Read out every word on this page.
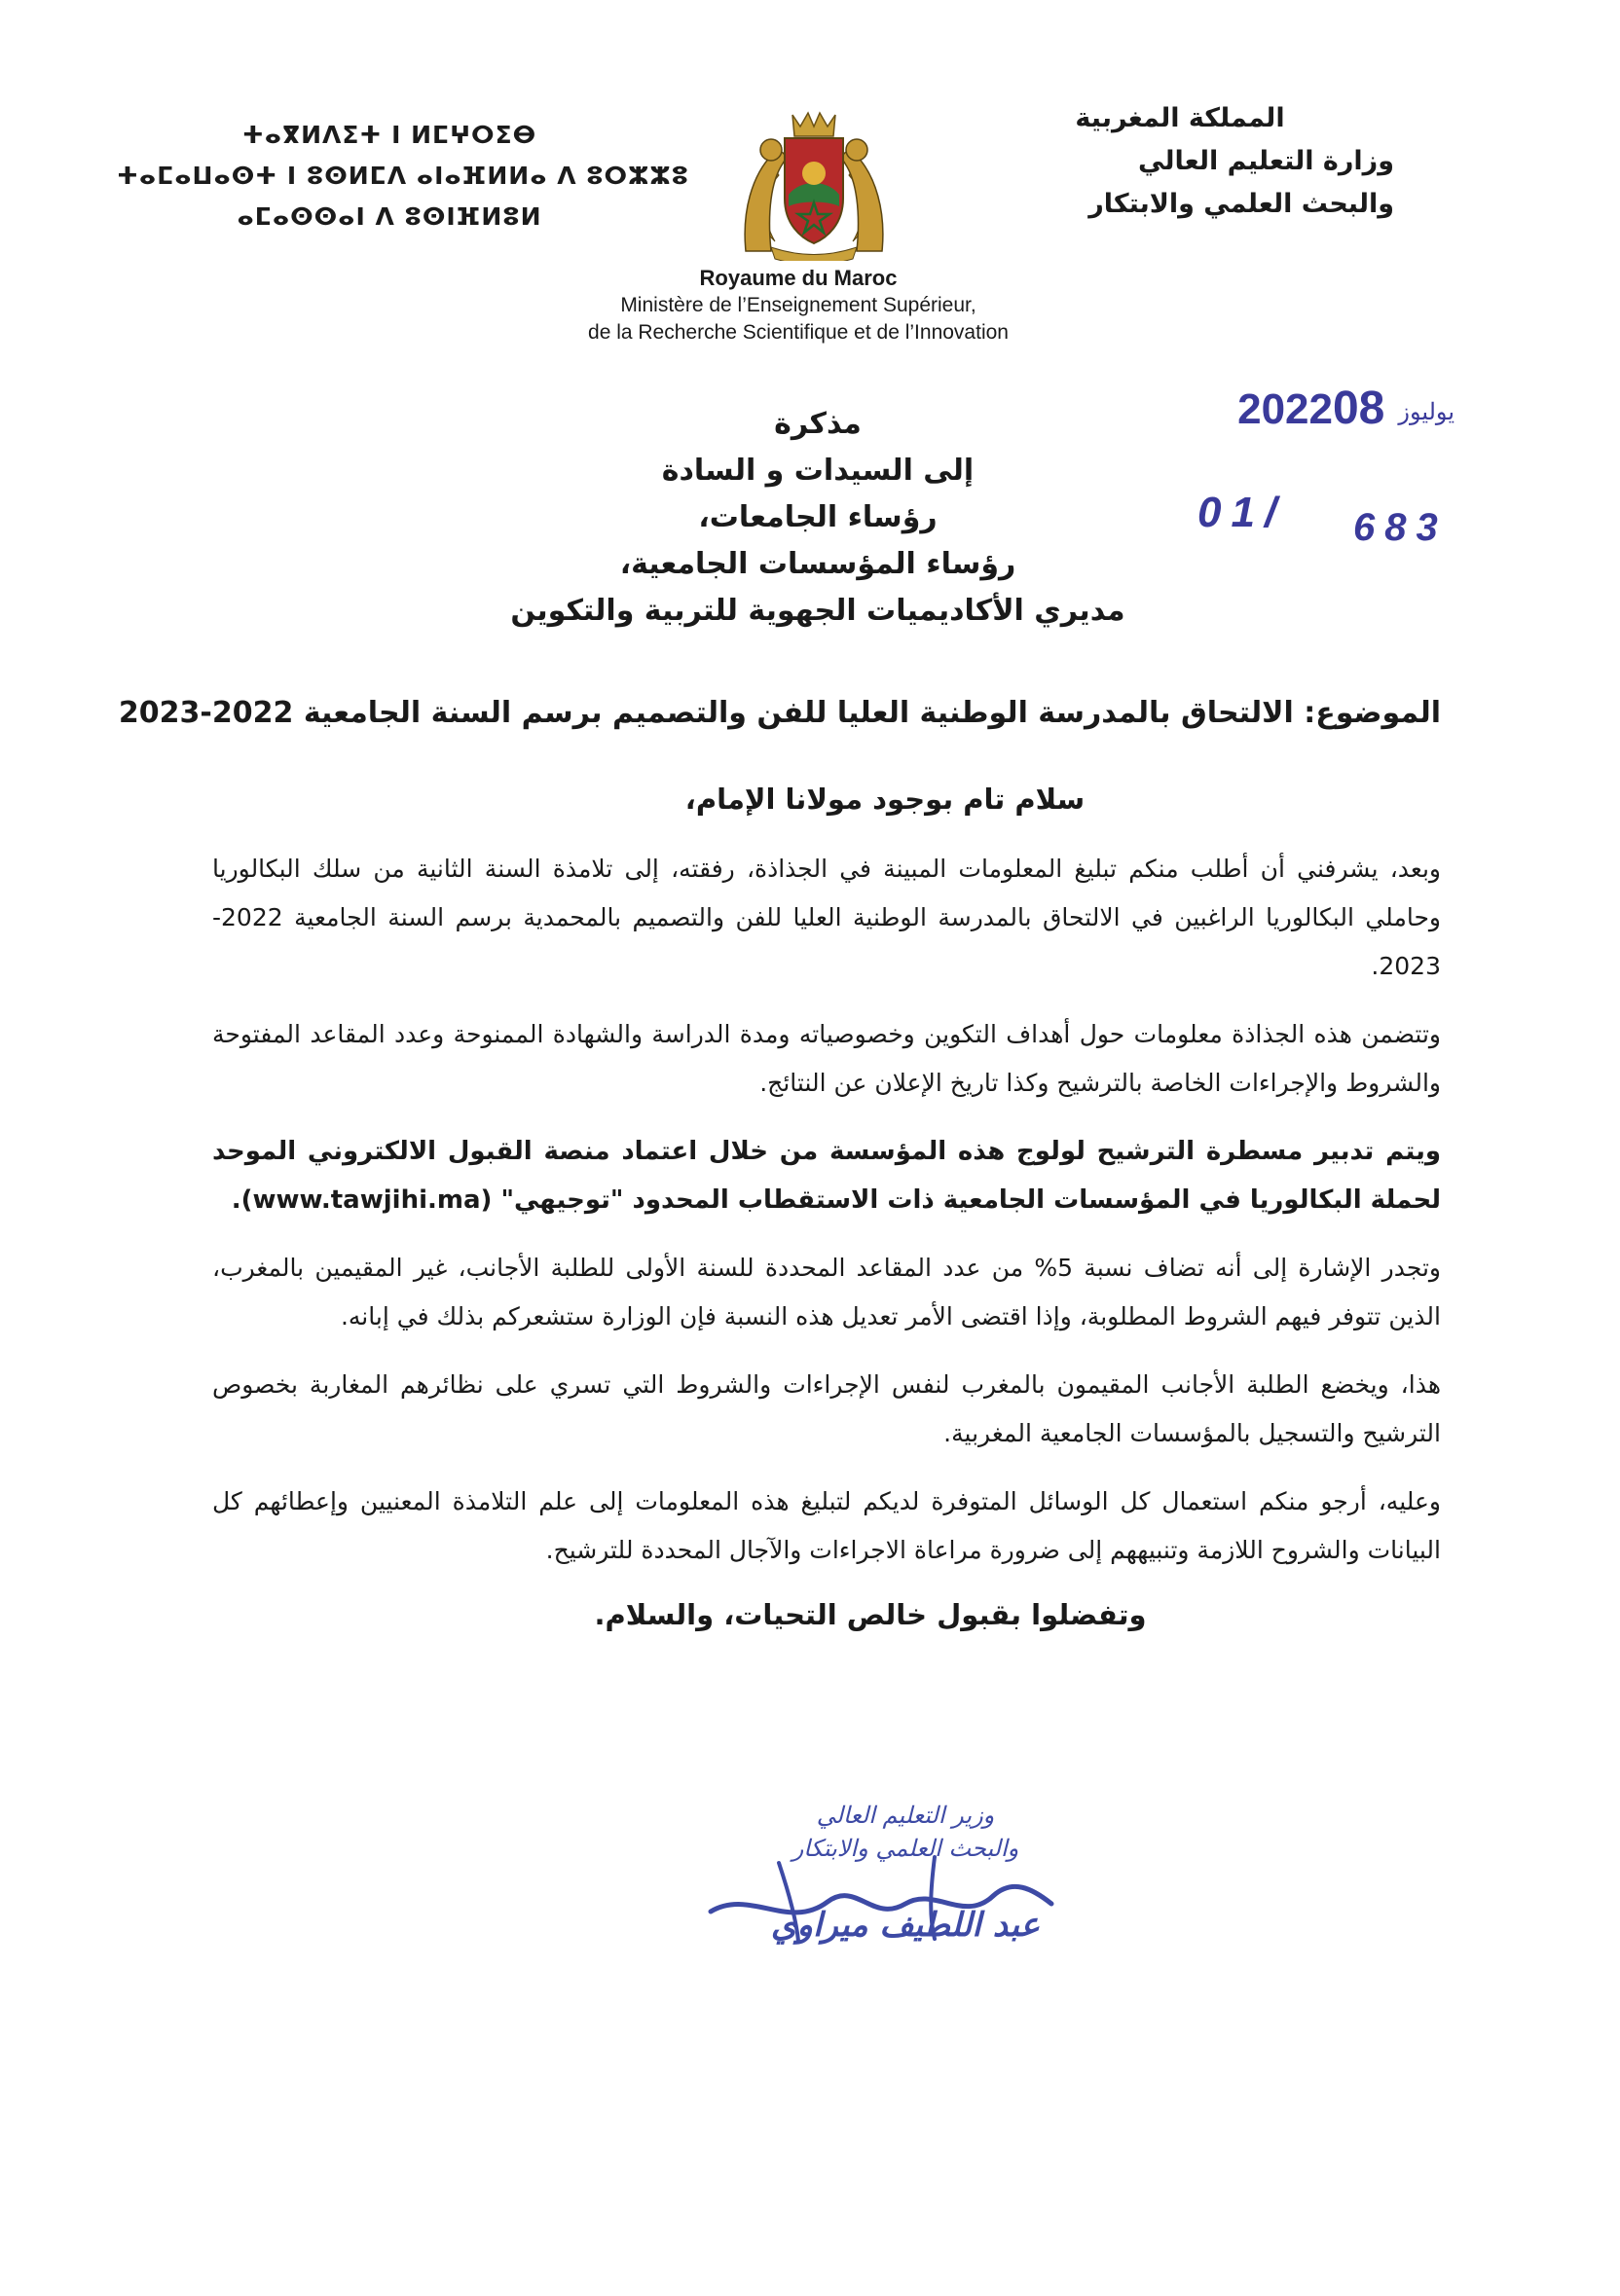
ⵜⴰⴳⵍⴷⵉⵜ ⵏ ⵍⵎⵖⵔⵉⴱ
ⵜⴰⵎⴰⵡⴰⵙⵜ ⵏ ⵓⵙⵍⵎⴷ ⴰⵏⴰⴼⵍⵍⴰ ⴷ ⵓⵔⵣⵣⵓ
ⴰⵎⴰⵙⵙⴰⵏ ⴷ ⵓⵙⵏⴼⵍⵓⵍ
المملكة المغربية
وزارة التعليم العالي
والبحث العلمي والابتكار
Royaume du Maroc
Ministère de l’Enseignement Supérieur,
de la Recherche Scientifique et de l’Innovation
2022	يوليوز08
01/ 683
مذكرة
إلى السيدات و السادة
رؤساء الجامعات،
رؤساء المؤسسات الجامعية،
مديري الأكاديميات الجهوية للتربية والتكوين
الموضوع: الالتحاق بالمدرسة الوطنية العليا للفن والتصميم برسم السنة الجامعية 2022-2023
سلام تام بوجود مولانا الإمام،

وبعد، يشرفني أن أطلب منكم تبليغ المعلومات المبينة في الجذاذة، رفقته، إلى تلامذة السنة الثانية من سلك البكالوريا وحاملي البكالوريا الراغبين في الالتحاق بالمدرسة الوطنية العليا للفن والتصميم بالمحمدية برسم السنة الجامعية 2022-2023.

وتتضمن هذه الجذاذة معلومات حول أهداف التكوين وخصوصياته ومدة الدراسة والشهادة الممنوحة وعدد المقاعد المفتوحة والشروط والإجراءات الخاصة بالترشيح وكذا تاريخ الإعلان عن النتائج.

ويتم تدبير مسطرة الترشيح لولوج هذه المؤسسة من خلال اعتماد منصة القبول الالكتروني الموحد لحملة البكالوريا في المؤسسات الجامعية ذات الاستقطاب المحدود "توجيهي" (www.tawjihi.ma).

وتجدر الإشارة إلى أنه تضاف نسبة 5% من عدد المقاعد المحددة للسنة الأولى للطلبة الأجانب، غير المقيمين بالمغرب، الذين تتوفر فيهم الشروط المطلوبة، وإذا اقتضى الأمر تعديل هذه النسبة فإن الوزارة ستشعركم بذلك في إبانه.

هذا، ويخضع الطلبة الأجانب المقيمون بالمغرب لنفس الإجراءات والشروط التي تسري على نظائرهم المغاربة بخصوص الترشيح والتسجيل بالمؤسسات الجامعية المغربية.

وعليه، أرجو منكم استعمال كل الوسائل المتوفرة لديكم لتبليغ هذه المعلومات إلى علم التلامذة المعنيين وإعطائهم كل البيانات والشروح اللازمة وتنبيههم إلى ضرورة مراعاة الاجراءات والآجال المحددة للترشيح.

وتفضلوا بقبول خالص التحيات، والسلام.
وزير التعليم العالي
والبحث العلمي والابتكار
عبد اللطيف ميراوي
